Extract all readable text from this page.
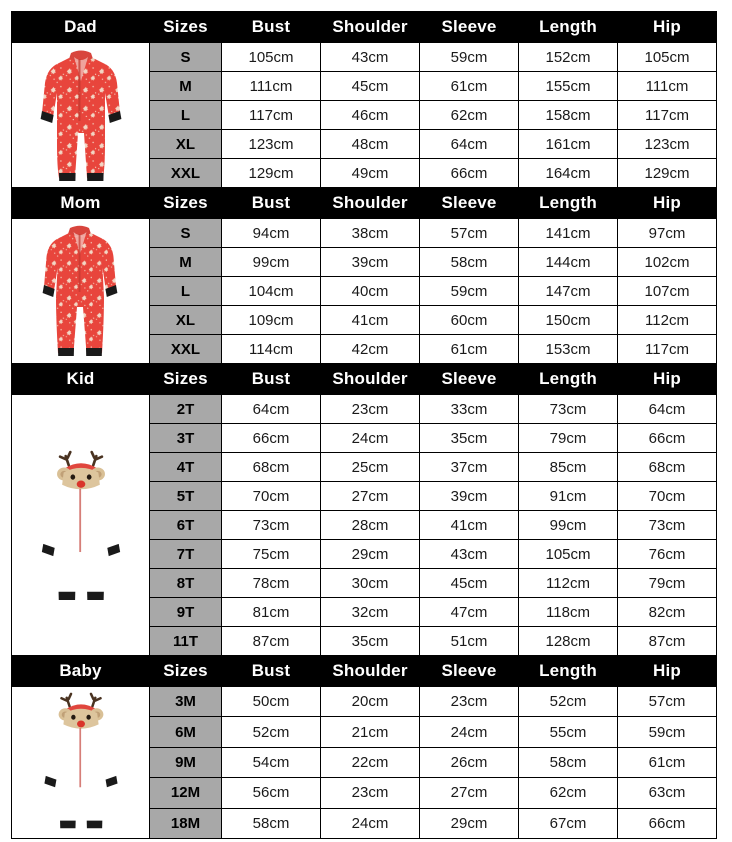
Dad	Sizes	Bust	Shoulder	Sleeve	Length	Hip

	S	105cm	43cm	59cm	152cm	105cm
	M	111cm	45cm	61cm	155cm	111cm
	L	117cm	46cm	62cm	158cm	117cm
	XL	123cm	48cm	64cm	161cm	123cm
	XXL	129cm	49cm	66cm	164cm	129cm
Mom	Sizes	Bust	Shoulder	Sleeve	Length	Hip

	S	94cm	38cm	57cm	141cm	97cm
	M	99cm	39cm	58cm	144cm	102cm
	L	104cm	40cm	59cm	147cm	107cm
	XL	109cm	41cm	60cm	150cm	112cm
	XXL	114cm	42cm	61cm	153cm	117cm
Kid	Sizes	Bust	Shoulder	Sleeve	Length	Hip

	2T	64cm	23cm	33cm	73cm	64cm
	3T	66cm	24cm	35cm	79cm	66cm
	4T	68cm	25cm	37cm	85cm	68cm
	5T	70cm	27cm	39cm	91cm	70cm
	6T	73cm	28cm	41cm	99cm	73cm
	7T	75cm	29cm	43cm	105cm	76cm
	8T	78cm	30cm	45cm	112cm	79cm
	9T	81cm	32cm	47cm	118cm	82cm
	11T	87cm	35cm	51cm	128cm	87cm
Baby	Sizes	Bust	Shoulder	Sleeve	Length	Hip

	3M	50cm	20cm	23cm	52cm	57cm
	6M	52cm	21cm	24cm	55cm	59cm
	9M	54cm	22cm	26cm	58cm	61cm
	12M	56cm	23cm	27cm	62cm	63cm
	18M	58cm	24cm	29cm	67cm	66cm
